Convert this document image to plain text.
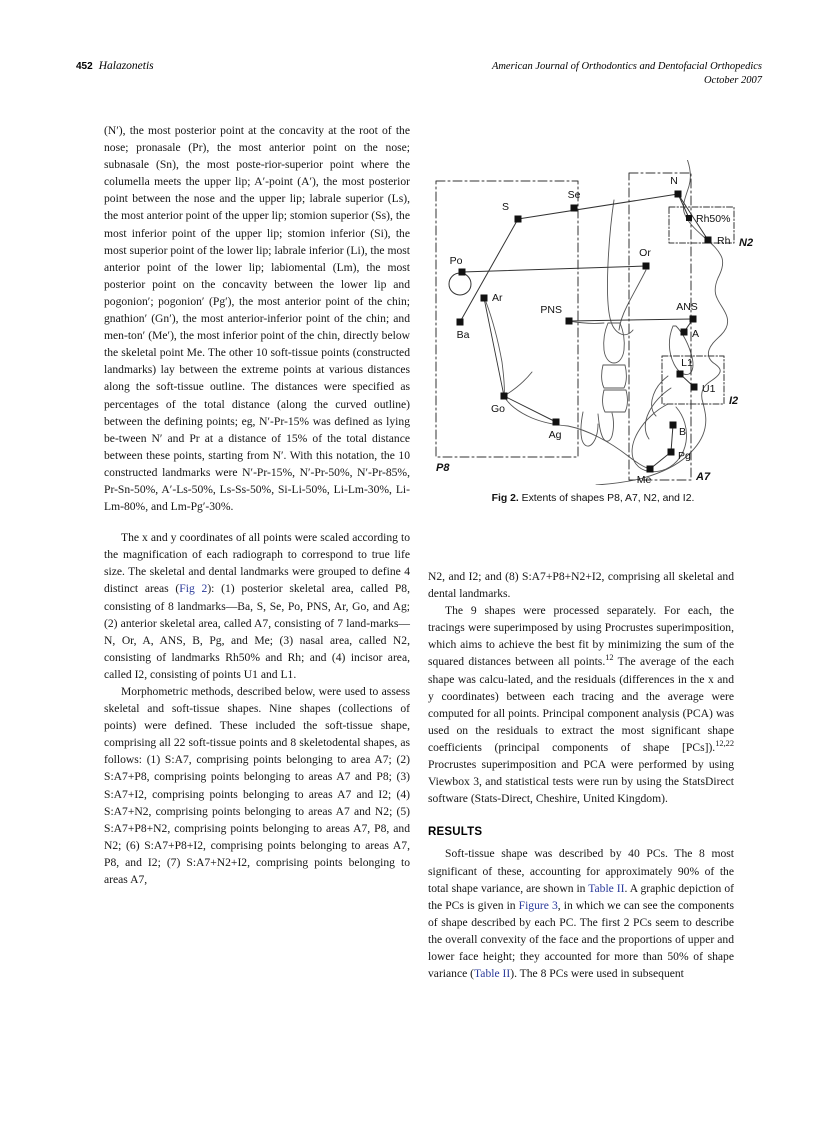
452 Halazonetis	American Journal of Orthodontics and Dentofacial Orthopedics
October 2007

(N′), the most posterior point at the concavity at the root of the nose; pronasale (Pr), the most anterior point on the nose; subnasale (Sn), the most poste-rior-superior point where the columella meets the upper lip; A′-point (A′), the most posterior point between the nose and the upper lip; labrale superior (Ls), the most anterior point of the upper lip; stomion superior (Ss), the most inferior point of the upper lip; stomion inferior (Si), the most superior point of the lower lip; labrale inferior (Li), the most anterior point of the lower lip; labiomental (Lm), the most posterior point on the concavity between the lower lip and pogonion′; pogonion′ (Pg′), the most anterior point of the chin; gnathion′ (Gn′), the most anterior-inferior point of the chin; and men-ton′ (Me′), the most inferior point of the chin, directly below the skeletal point Me. The other 10 soft-tissue points (constructed landmarks) lay between the extreme points at various distances along the soft-tissue outline. The distances were specified as percentages of the total distance (along the curved outline) between the defining points; eg, N′-Pr-15% was defined as lying be-tween N′ and Pr at a distance of 15% of the total distance between these points, starting from N′. With this notation, the 10 constructed landmarks were N′-Pr-15%, N′-Pr-50%, N′-Pr-85%, Pr-Sn-50%, A′-Ls-50%, Ls-Ss-50%, Si-Li-50%, Li-Lm-30%, Li-Lm-80%, and Lm-Pg′-30%.

The x and y coordinates of all points were scaled according to the magnification of each radiograph to correspond to true life size. The skeletal and dental landmarks were grouped to define 4 distinct areas (Fig 2): (1) posterior skeletal area, called P8, consisting of 8 landmarks—Ba, S, Se, Po, PNS, Ar, Go, and Ag; (2) anterior skeletal area, called A7, consisting of 7 land-marks—N, Or, A, ANS, B, Pg, and Me; (3) nasal area, called N2, consisting of landmarks Rh50% and Rh; and (4) incisor area, called I2, consisting of points U1 and L1.

Morphometric methods, described below, were used to assess skeletal and soft-tissue shapes. Nine shapes (collections of points) were defined. These included the soft-tissue shape, comprising all 22 soft-tissue points and 8 skeletodental shapes, as follows: (1) S:A7, comprising points belonging to area A7; (2) S:A7+P8, comprising points belonging to areas A7 and P8; (3) S:A7+I2, comprising points belonging to areas A7 and I2; (4) S:A7+N2, comprising points belonging to areas A7 and N2; (5) S:A7+P8+N2, comprising points belonging to areas A7, P8, and N2; (6) S:A7+P8+I2, comprising points belonging to areas A7, P8, and I2; (7) S:A7+N2+I2, comprising points belonging to areas A7,

S
Se
N
Rh50%
Rh
Po
Or
Ar
Ba
PNS	ANS
A
L1
U1
Go
Ag	B
Pg
Me
P8
A7
N2
I2
Fig 2. Extents of shapes P8, A7, N2, and I2.

N2, and I2; and (8) S:A7+P8+N2+I2, comprising all skeletal and dental landmarks.

The 9 shapes were processed separately. For each, the tracings were superimposed by using Procrustes superimposition, which aims to achieve the best fit by minimizing the sum of the squared distances between all points.$^{12}$ The average of the each shape was calcu-lated, and the residuals (differences in the x and y coordinates) between each tracing and the average were computed for all points. Principal component analysis (PCA) was used on the residuals to extract the most significant shape coefficients (principal components of shape [PCs]).$^{12,22}$ Procrustes superimposition and PCA were performed by using Viewbox 3, and statistical tests were run by using the StatsDirect software (Stats-Direct, Cheshire, United Kingdom).

RESULTS

Soft-tissue shape was described by 40 PCs. The 8 most significant of these, accounting for approximately 90% of the total shape variance, are shown in Table II. A graphic depiction of the PCs is given in Figure 3, in which we can see the components of shape described by each PC. The first 2 PCs seem to describe the overall convexity of the face and the proportions of upper and lower face height; they accounted for more than 50% of shape variance (Table II). The 8 PCs were used in subsequent
